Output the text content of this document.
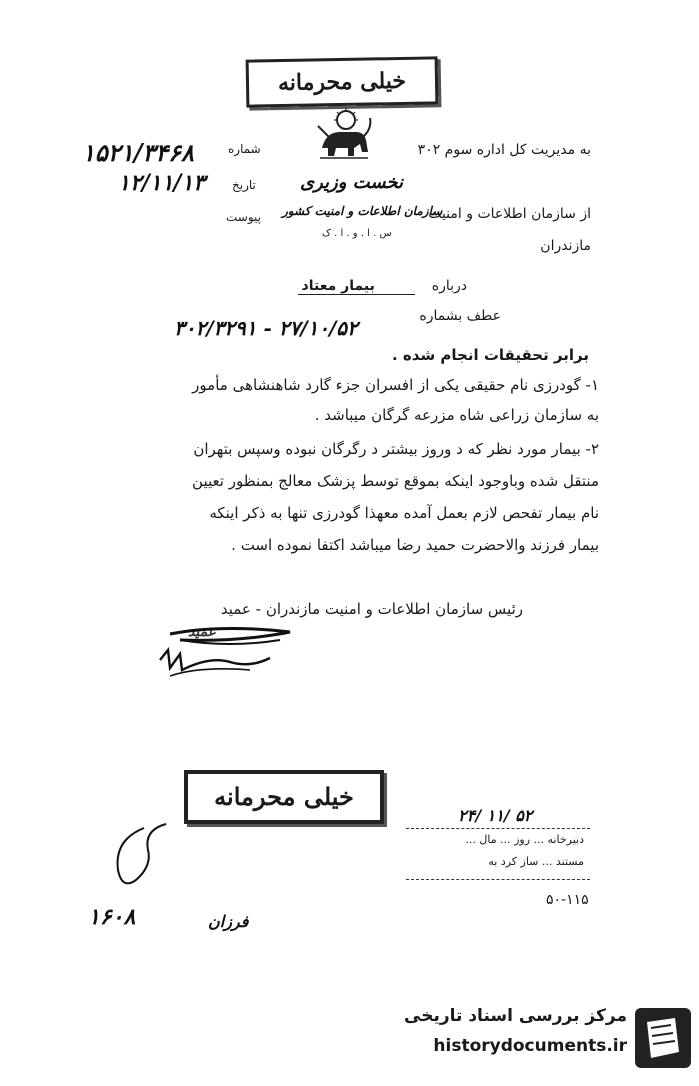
خیلی محرمانه
۱۵۲۱/۳۴۶۸
۱۲/۱۱/۱۳
شماره
تاریخ
پیوست
نخست وزیری
سازمان اطلاعات و امنیت کشور
س . ا . و . ا . ک
به مدیریت کل اداره سوم ۳۰۲
از سازمان اطلاعات و امنیت
مازندران
درباره  بیمار معتاد
عطف بشماره
۳۰۲/۳۲۹۱ - ۲۷/۱۰/۵۲
برابر تحقیقات انجام شده .
۱- گودرزی نام حقیقی یکی از افسران جزء گارد شاهنشاهی مأمور
به سازمان زراعی شاه مزرعه گرگان میباشد .
۲- بیمار مورد نظر که د وروز بیشتر د رگرگان نبوده وسپس بتهران
منتقل شده وباوجود اینکه بموقع توسط پزشک معالج بمنظور تعیین
نام بیمار تفحص لازم بعمل آمده معهذا گودرزی تنها به ذکر اینکه
بیمار فرزند والاحضرت حمید رضا میباشد اکتفا نموده است .
رئیس سازمان اطلاعات و امنیت مازندران - عمید
عمید
خیلی محرمانه
۲۴/ ۱۱/ ۵۲
دبیرخانه ... روز ... مال ...
مستند ... ساز کرد به
۵۰-۱۱۵
۱۶۰۸	فرزان
مرکز بررسی اسناد تاریخی
historydocuments.ir
